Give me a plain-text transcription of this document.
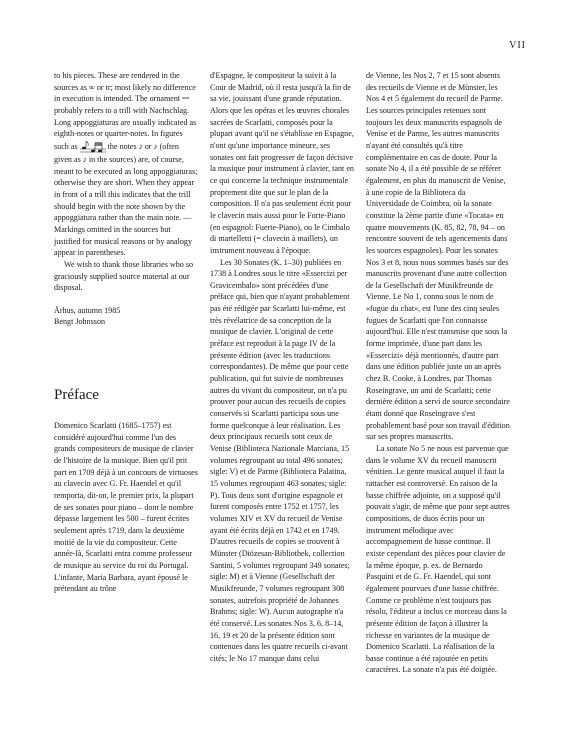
VII

to his pieces. These are rendered in the sources as ∞ or tr; most likely no difference in execution is intended. The ornament ꟷ probably refers to a trill with Nachschlag. Long appoggiaturas are usually indicated as eighth-notes or quarter-notes. In figures such as	the notes ♪ or ♪ (often given as ♪ in the sources) are, of course, meant to be executed as long appoggiaturas; otherwise they are short. When they appear in front of a trill this indicates that the trill should begin with the note shown by the appoggiatura rather than the main note. — Markings omitted in the sources but justified for musical reasons or by analogy appear in parentheses.

We wish to thank those libraries who so graciously supplied source material at our disposal.

Århus, autumn 1985

Bengt Johnsson

Préface

Domenico Scarlatti (1685–1757) est considéré aujourd'hui comme l'un des grands compositeurs de musique de clavier de l'histoire de la musique. Bien qu'il prit part en 1709 déjà à un concours de virtuoses au clavecin avec G. Fr. Haendel et qu'il remporta, dit-on, le premier prix, la plupart de ses sonates pour piano – dont le nombre dépasse largement les 500 – furent écrites seulement après 1719, dans la deuxième moitié de la vie du compositeur. Cette année-là, Scarlatti entra comme professeur de musique au service du roi du Portugal. L'infante, Maria Barbara, ayant épousé le prétendant au trône

d'Espagne, le compositeur la suivit à la Cour de Madrid, où il resta jusqu'à la fin de sa vie, jouissant d'une grande réputation. Alors que les opéras et les œuvres chorales sacrées de Scarlatti, composés pour la plupart avant qu'il ne s'établisse en Espagne, n'ont qu'une importance mineure, ses sonates ont fait progresser de façon décisive la musique pour instrument à clavier, tant en ce qui concerne la technique instrumentale proprement dite que sur le plan de la composition. Il n'a pas seulement écrit pour le clavecin mais aussi pour le Forte-Piano (en espagnol: Fuerte-Piano), ou le Cimbalo di martelletti (= clavecin à maillets), un instrument nouveau à l'époque.

Les 30 Sonates (K. 1–30) publiées en 1738 à Londres sous le titre «Essercizi per Gravicembalo» sont précédées d'une préface qui, bien que n'ayant probablement pas été rédigée par Scarlatti lui-même, est très révélatrice de sa conception de la musique de clavier. L'original de cette préface est reproduit à la page IV de la présente édition (avec les traductions correspondantes). De même que pour cette publication, qui fut suivie de nombreuses autres du vivant du compositeur, on n'a pu prouver pour aucun des recueils de copies conservés si Scarlatti participa sous une forme quelconque à leur réalisation. Les deux principaux recueils sont ceux de Venise (Biblioteca Nazionale Marciana, 15 volumes regroupant au total 496 sonates; sigle: V) et de Parme (Biblioteca Palatina, 15 volumes regroupant 463 sonates; sigle: P). Tous deux sont d'origine espagnole et furent composés entre 1752 et 1757, les volumes XIV et XV du recueil de Venise ayant été écrits déjà en 1742 et en 1749. D'autres recueils de copies se trouvent à Münster (Diözesan-Bibliothek, collection Santini, 5 volumes regroupant 349 sonates; sigle: M) et à Vienne (Gesellschaft der Musikfreunde, 7 volumes regroupant 308 sonates, autrefois propriété de Johannes Brahms; sigle: W). Aucun autographe n'a été conservé. Les sonates Nos 3, 6, 8–14, 16, 19 et 20 de la présente édition sont contenues dans les quatre recueils ci-avant cités; le No 17 manque dans celui

de Vienne, les Nos 2, 7 et 15 sont absents des recueils de Vienne et de Münster, les Nos 4 et 5 également du recueil de Parme. Les sources principales retenues sont toujours les deux manuscrits espagnols de Venise et de Parme, les autres manuscrits n'ayant été consultés qu'à titre complémentaire en cas de doute. Pour la sonate No 4, il a été possible de se référer également, en plus du manuscrit de Venise, à une copie de la Biblioteca da Universidade de Coimbra, où la sonate constitue la 2ème partie d'une «Tocata» en quatre mouvements (K. 85, 82, 78, 94 – on rencontre souvent de tels agencements dans les sources espagnoles). Pour les sonates Nos 3 et 8, nous nous sommes basés sur des manuscrits provenant d'une autre collection de la Gesellschaft der Musikfreunde de Vienne. Le No 1, connu sous le nom de «fugue du chat», est l'une des cinq seules fugues de Scarlatti que l'on connaisse aujourd'hui. Elle n'est transmise que sous la forme imprimée, d'une part dans les «Essercizi» déjà mentionnés, d'autre part dans une édition publiée juste un an après chez B. Cooke, à Londres, par Thomas Roseingrave, un ami de Scarlatti; cette dernière édition a servi de source secondaire étant donné que Roseingrave s'est probablement basé pour son travail d'édition sur ses propres manuscrits.

La sonate No 5 ne nous est parvenue que dans le volume XV du recueil manuscrit vénitien. Le genre musical auquel il faut la rattacher est controversé. En raison de la basse chiffrée adjointe, on a supposé qu'il pouvait s'agir, de même que pour sept autres compositions, de duos écrits pour un instrument mélodique avec accompagnement de basse continue. Il existe cependant des pièces pour clavier de la même époque, p. ex. de Bernardo Pasquini et de G. Fr. Haendel, qui sont également pourvues d'une basse chiffrée. Comme ce problème n'est toujours pas résolu, l'éditeur a inclus ce morceau dans la présente édition de façon à illustrer la richesse en variantes de la musique de Domenico Scarlatti. La réalisation de la basse continue a été rajoutée en petits caractères. La sonate n'a pas été doigtée.
